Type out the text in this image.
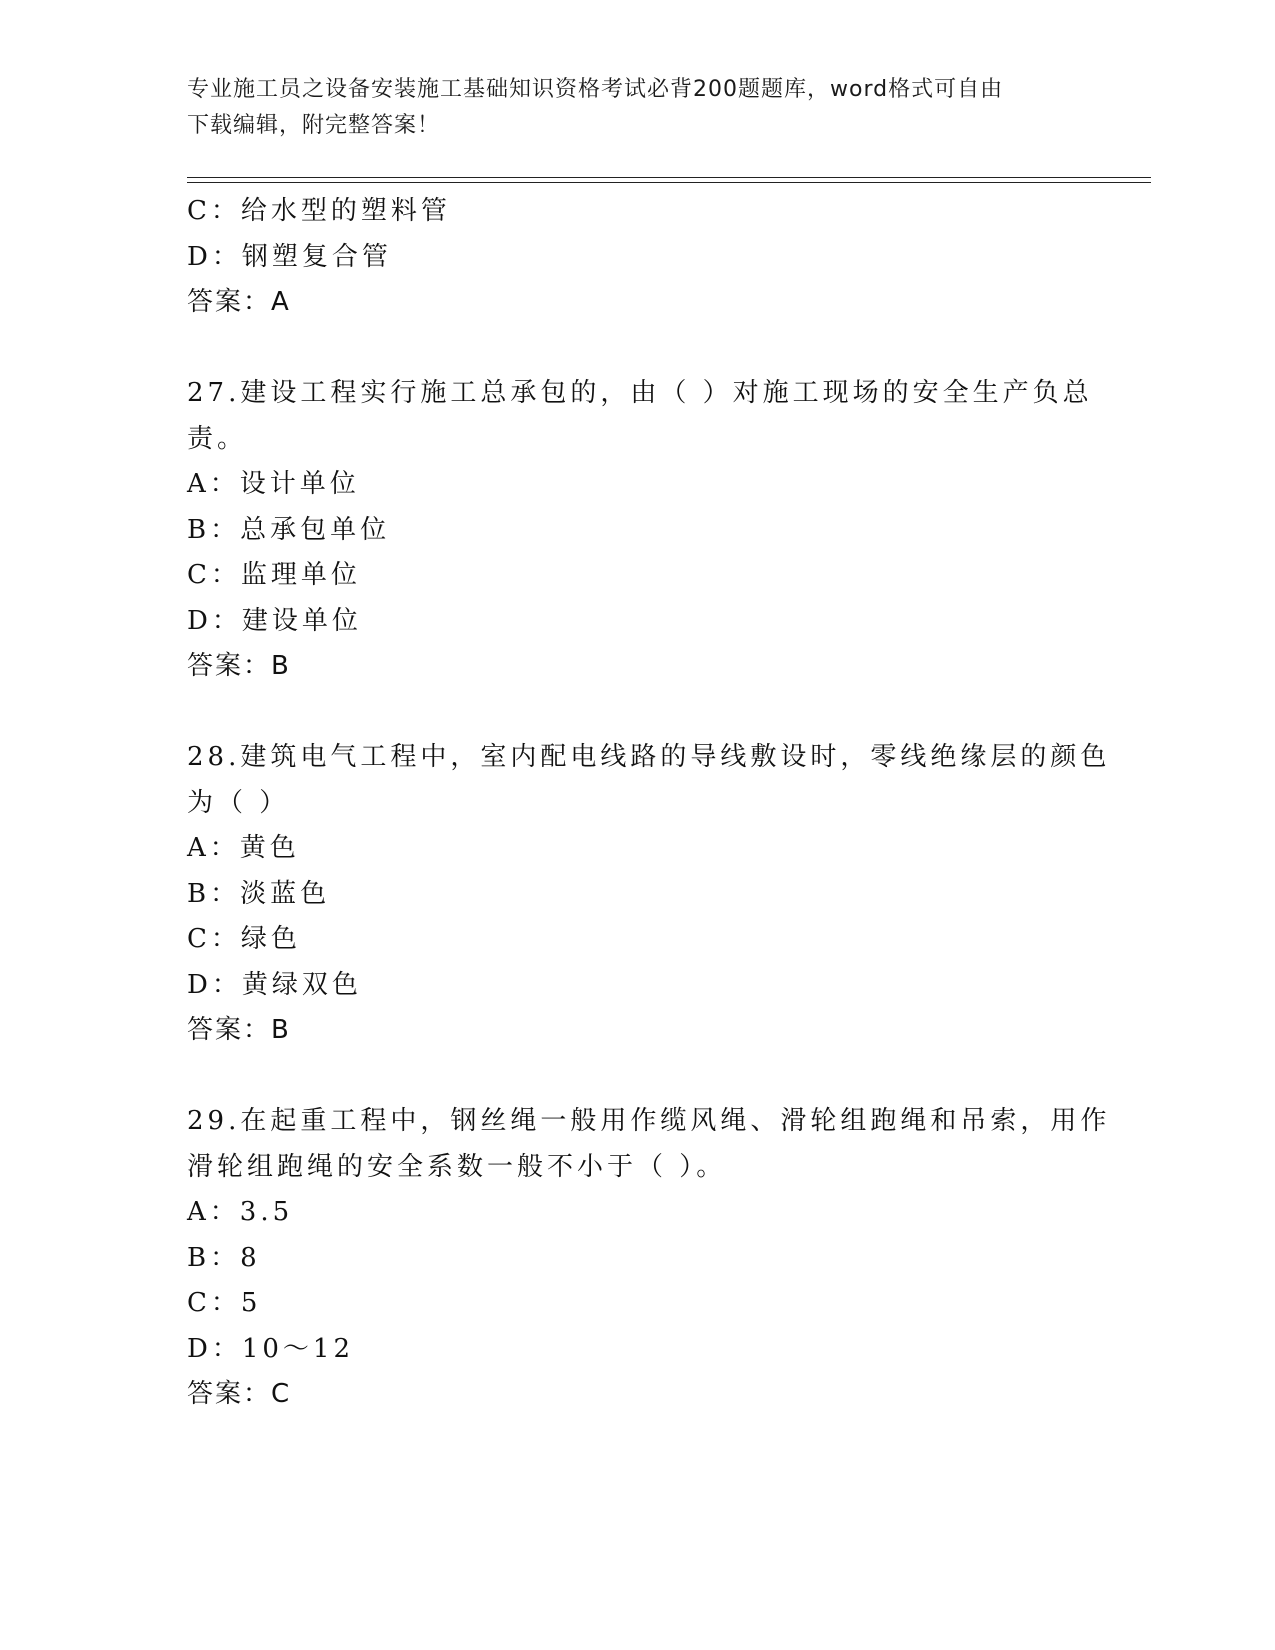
专业施工员之设备安装施工基础知识资格考试必背200题题库，word格式可自由
下载编辑，附完整答案！
C：给水型的塑料管
D：钢塑复合管
答案：A
27.建设工程实行施工总承包的，由（ ）对施工现场的安全生产负总
责。
A：设计单位
B：总承包单位
C：监理单位
D：建设单位
答案：B
28.建筑电气工程中，室内配电线路的导线敷设时，零线绝缘层的颜色
为（ ）
A：黄色
B：淡蓝色
C：绿色
D：黄绿双色
答案：B
29.在起重工程中，钢丝绳一般用作缆风绳、滑轮组跑绳和吊索，用作
滑轮组跑绳的安全系数一般不小于（ ）。
A：3.5
B：8
C：5
D：10～12
答案：C
